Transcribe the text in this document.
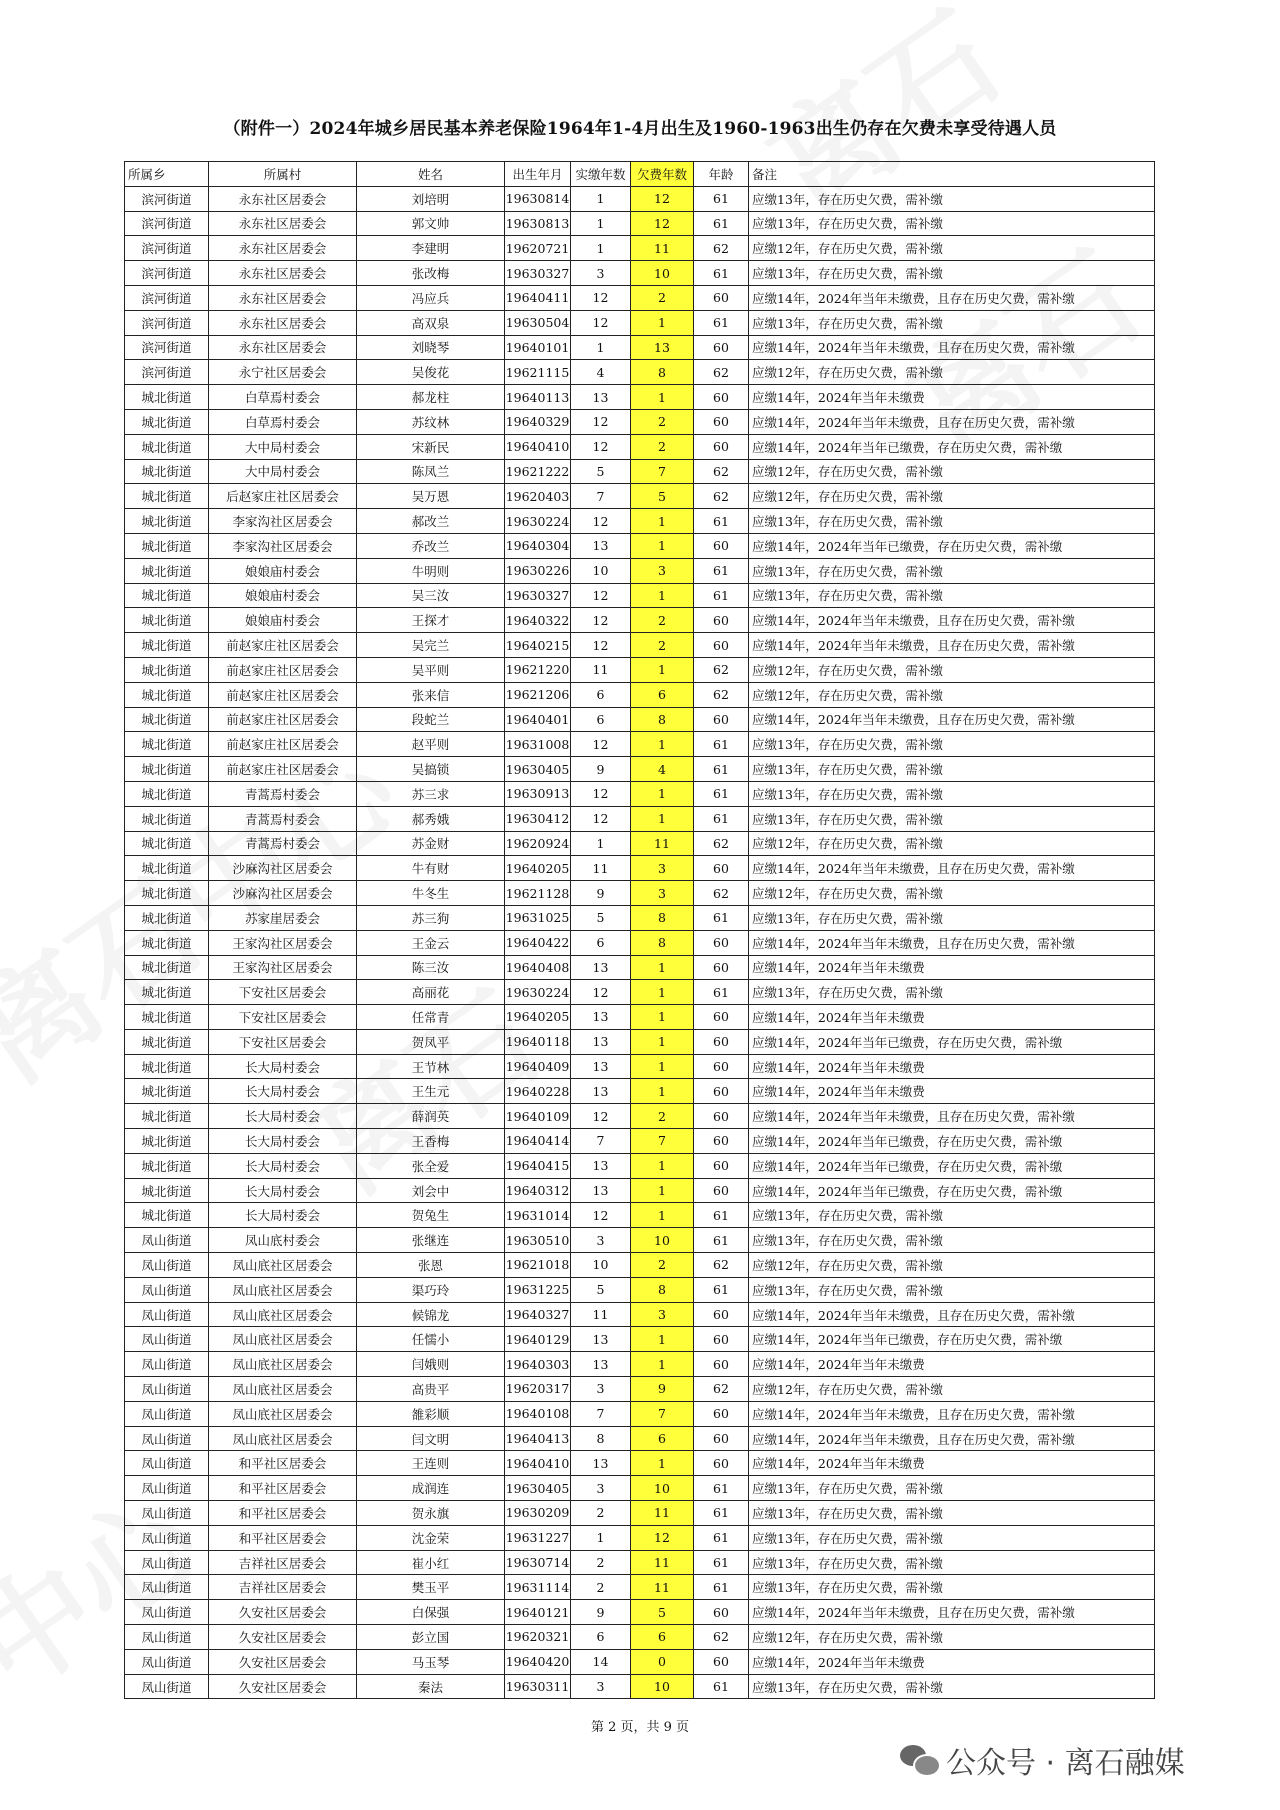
（附件一）2024年城乡居民基本养老保险1964年1-4月出生及1960-1963出生仍存在欠费未享受待遇人员
所属乡	所属村	姓名	出生年月	实缴年数	欠费年数	年龄	备注
滨河街道	永东社区居委会	刘培明	19630814	1	12	61	应缴13年，存在历史欠费，需补缴
滨河街道	永东社区居委会	郭文帅	19630813	1	12	61	应缴13年，存在历史欠费，需补缴
滨河街道	永东社区居委会	李建明	19620721	1	11	62	应缴12年，存在历史欠费，需补缴
滨河街道	永东社区居委会	张改梅	19630327	3	10	61	应缴13年，存在历史欠费，需补缴
滨河街道	永东社区居委会	冯应兵	19640411	12	2	60	应缴14年，2024年当年未缴费，且存在历史欠费，需补缴
滨河街道	永东社区居委会	高双泉	19630504	12	1	61	应缴13年，存在历史欠费，需补缴
滨河街道	永东社区居委会	刘晓琴	19640101	1	13	60	应缴14年，2024年当年未缴费，且存在历史欠费，需补缴
滨河街道	永宁社区居委会	吴俊花	19621115	4	8	62	应缴12年，存在历史欠费，需补缴
城北街道	白草焉村委会	郝龙柱	19640113	13	1	60	应缴14年，2024年当年未缴费
城北街道	白草焉村委会	苏纹林	19640329	12	2	60	应缴14年，2024年当年未缴费，且存在历史欠费，需补缴
城北街道	大中局村委会	宋新民	19640410	12	2	60	应缴14年，2024年当年已缴费，存在历史欠费，需补缴
城北街道	大中局村委会	陈凤兰	19621222	5	7	62	应缴12年，存在历史欠费，需补缴
城北街道	后赵家庄社区居委会	吴万恩	19620403	7	5	62	应缴12年，存在历史欠费，需补缴
城北街道	李家沟社区居委会	郝改兰	19630224	12	1	61	应缴13年，存在历史欠费，需补缴
城北街道	李家沟社区居委会	乔改兰	19640304	13	1	60	应缴14年，2024年当年已缴费，存在历史欠费，需补缴
城北街道	娘娘庙村委会	牛明则	19630226	10	3	61	应缴13年，存在历史欠费，需补缴
城北街道	娘娘庙村委会	吴三汝	19630327	12	1	61	应缴13年，存在历史欠费，需补缴
城北街道	娘娘庙村委会	王探才	19640322	12	2	60	应缴14年，2024年当年未缴费，且存在历史欠费，需补缴
城北街道	前赵家庄社区居委会	吴完兰	19640215	12	2	60	应缴14年，2024年当年未缴费，且存在历史欠费，需补缴
城北街道	前赵家庄社区居委会	吴平则	19621220	11	1	62	应缴12年，存在历史欠费，需补缴
城北街道	前赵家庄社区居委会	张来信	19621206	6	6	62	应缴12年，存在历史欠费，需补缴
城北街道	前赵家庄社区居委会	段蛇兰	19640401	6	8	60	应缴14年，2024年当年未缴费，且存在历史欠费，需补缴
城北街道	前赵家庄社区居委会	赵平则	19631008	12	1	61	应缴13年，存在历史欠费，需补缴
城北街道	前赵家庄社区居委会	吴搞锁	19630405	9	4	61	应缴13年，存在历史欠费，需补缴
城北街道	青蒿焉村委会	苏三求	19630913	12	1	61	应缴13年，存在历史欠费，需补缴
城北街道	青蒿焉村委会	郝秀娥	19630412	12	1	61	应缴13年，存在历史欠费，需补缴
城北街道	青蒿焉村委会	苏金财	19620924	1	11	62	应缴12年，存在历史欠费，需补缴
城北街道	沙麻沟社区居委会	牛有财	19640205	11	3	60	应缴14年，2024年当年未缴费，且存在历史欠费，需补缴
城北街道	沙麻沟社区居委会	牛冬生	19621128	9	3	62	应缴12年，存在历史欠费，需补缴
城北街道	苏家崖居委会	苏三狗	19631025	5	8	61	应缴13年，存在历史欠费，需补缴
城北街道	王家沟社区居委会	王金云	19640422	6	8	60	应缴14年，2024年当年未缴费，且存在历史欠费，需补缴
城北街道	王家沟社区居委会	陈三汝	19640408	13	1	60	应缴14年，2024年当年未缴费
城北街道	下安社区居委会	高丽花	19630224	12	1	61	应缴13年，存在历史欠费，需补缴
城北街道	下安社区居委会	任常青	19640205	13	1	60	应缴14年，2024年当年未缴费
城北街道	下安社区居委会	贺凤平	19640118	13	1	60	应缴14年，2024年当年已缴费，存在历史欠费，需补缴
城北街道	长大局村委会	王节林	19640409	13	1	60	应缴14年，2024年当年未缴费
城北街道	长大局村委会	王生元	19640228	13	1	60	应缴14年，2024年当年未缴费
城北街道	长大局村委会	薛润英	19640109	12	2	60	应缴14年，2024年当年未缴费，且存在历史欠费，需补缴
城北街道	长大局村委会	王香梅	19640414	7	7	60	应缴14年，2024年当年已缴费，存在历史欠费，需补缴
城北街道	长大局村委会	张全爱	19640415	13	1	60	应缴14年，2024年当年已缴费，存在历史欠费，需补缴
城北街道	长大局村委会	刘会中	19640312	13	1	60	应缴14年，2024年当年已缴费，存在历史欠费，需补缴
城北街道	长大局村委会	贺兔生	19631014	12	1	61	应缴13年，存在历史欠费，需补缴
凤山街道	凤山底村委会	张继连	19630510	3	10	61	应缴13年，存在历史欠费，需补缴
凤山街道	凤山底社区居委会	张恩	19621018	10	2	62	应缴12年，存在历史欠费，需补缴
凤山街道	凤山底社区居委会	渠巧玲	19631225	5	8	61	应缴13年，存在历史欠费，需补缴
凤山街道	凤山底社区居委会	候锦龙	19640327	11	3	60	应缴14年，2024年当年未缴费，且存在历史欠费，需补缴
凤山街道	凤山底社区居委会	任懦小	19640129	13	1	60	应缴14年，2024年当年已缴费，存在历史欠费，需补缴
凤山街道	凤山底社区居委会	闫娥则	19640303	13	1	60	应缴14年，2024年当年未缴费
凤山街道	凤山底社区居委会	高贵平	19620317	3	9	62	应缴12年，存在历史欠费，需补缴
凤山街道	凤山底社区居委会	雒彩顺	19640108	7	7	60	应缴14年，2024年当年未缴费，且存在历史欠费，需补缴
凤山街道	凤山底社区居委会	闫文明	19640413	8	6	60	应缴14年，2024年当年未缴费，且存在历史欠费，需补缴
凤山街道	和平社区居委会	王连则	19640410	13	1	60	应缴14年，2024年当年未缴费
凤山街道	和平社区居委会	成润连	19630405	3	10	61	应缴13年，存在历史欠费，需补缴
凤山街道	和平社区居委会	贺永旗	19630209	2	11	61	应缴13年，存在历史欠费，需补缴
凤山街道	和平社区居委会	沈金荣	19631227	1	12	61	应缴13年，存在历史欠费，需补缴
凤山街道	吉祥社区居委会	崔小红	19630714	2	11	61	应缴13年，存在历史欠费，需补缴
凤山街道	吉祥社区居委会	樊玉平	19631114	2	11	61	应缴13年，存在历史欠费，需补缴
凤山街道	久安社区居委会	白保强	19640121	9	5	60	应缴14年，2024年当年未缴费，且存在历史欠费，需补缴
凤山街道	久安社区居委会	彭立国	19620321	6	6	62	应缴12年，存在历史欠费，需补缴
凤山街道	久安社区居委会	马玉琴	19640420	14	0	60	应缴14年，2024年当年未缴费
凤山街道	久安社区居委会	秦法	19630311	3	10	61	应缴13年，存在历史欠费，需补缴
第 2 页，共 9 页
公众号 · 离石融媒
